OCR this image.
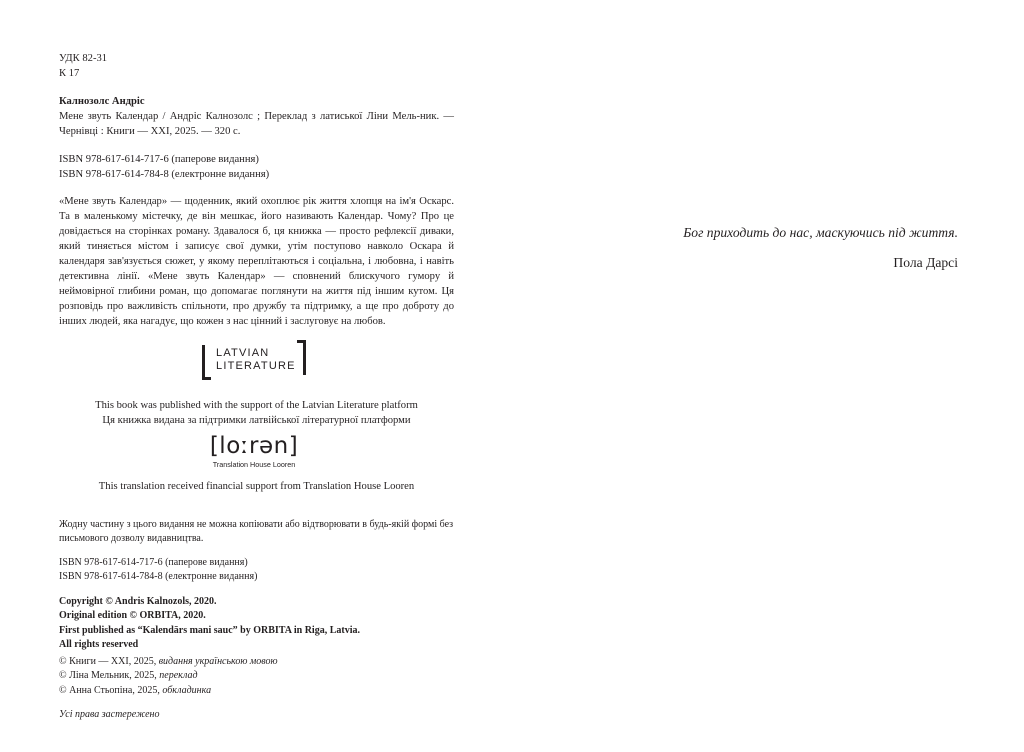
УДК 82-31

К 17

Калнозолс Андріс

Мене звуть Календар / Андріс Калнозолс ; Переклад з латиської Ліни Мель-ник. — Чернівці : Книги — XXI, 2025. — 320 с.

ISBN 978-617-614-717-6 (паперове видання)

ISBN 978-617-614-784-8 (електронне видання)

«Мене звуть Календар» — щоденник, який охоплює рік життя хлопця на ім'я Оскарс. Та в маленькому містечку, де він мешкає, його називають Календар. Чому? Про це довідається на сторінках роману. Здавалося б, ця книжка — просто рефлексії диваки, який тиняється містом і записує свої думки, утім поступово навколо Оскара й календаря зав'язується сюжет, у якому переплітаються і соціальна, і любовна, і навіть детективна лінії. «Мене звуть Календар» — сповнений блискучого гумору й неймовірної глибини роман, що допомагає поглянути на життя під іншим кутом. Ця розповідь про важливість спільноти, про дружбу та підтримку, а ще про доброту до інших людей, яка нагадує, що кожен з нас цінний і заслуговує на любов.

LATVIAN
LITERATURE

This book was published with the support of the Latvian Literature platform

Ця книжка видана за підтримки латвійської літературної платформи

[loːrən]
Translation House Looren
This translation received financial support from Translation House Looren

Жодну частину з цього видання не можна копіювати або відтворювати в будь-якій формі без письмового дозволу видавництва.

ISBN 978-617-614-717-6 (паперове видання)

ISBN 978-617-614-784-8 (електронне видання)

Copyright © Andris Kalnozols, 2020.

Original edition © ORBITA, 2020.

First published as “Kalendārs mani sauc” by ORBITA in Riga, Latvia.

All rights reserved

© Книги — XXI, 2025, видання українською мовою

© Ліна Мельник, 2025, переклад

© Анна Стьопіна, 2025, обкладинка

Усі права застережено
Бог приходить до нас, маскуючись під життя.
Пола Дарсі
